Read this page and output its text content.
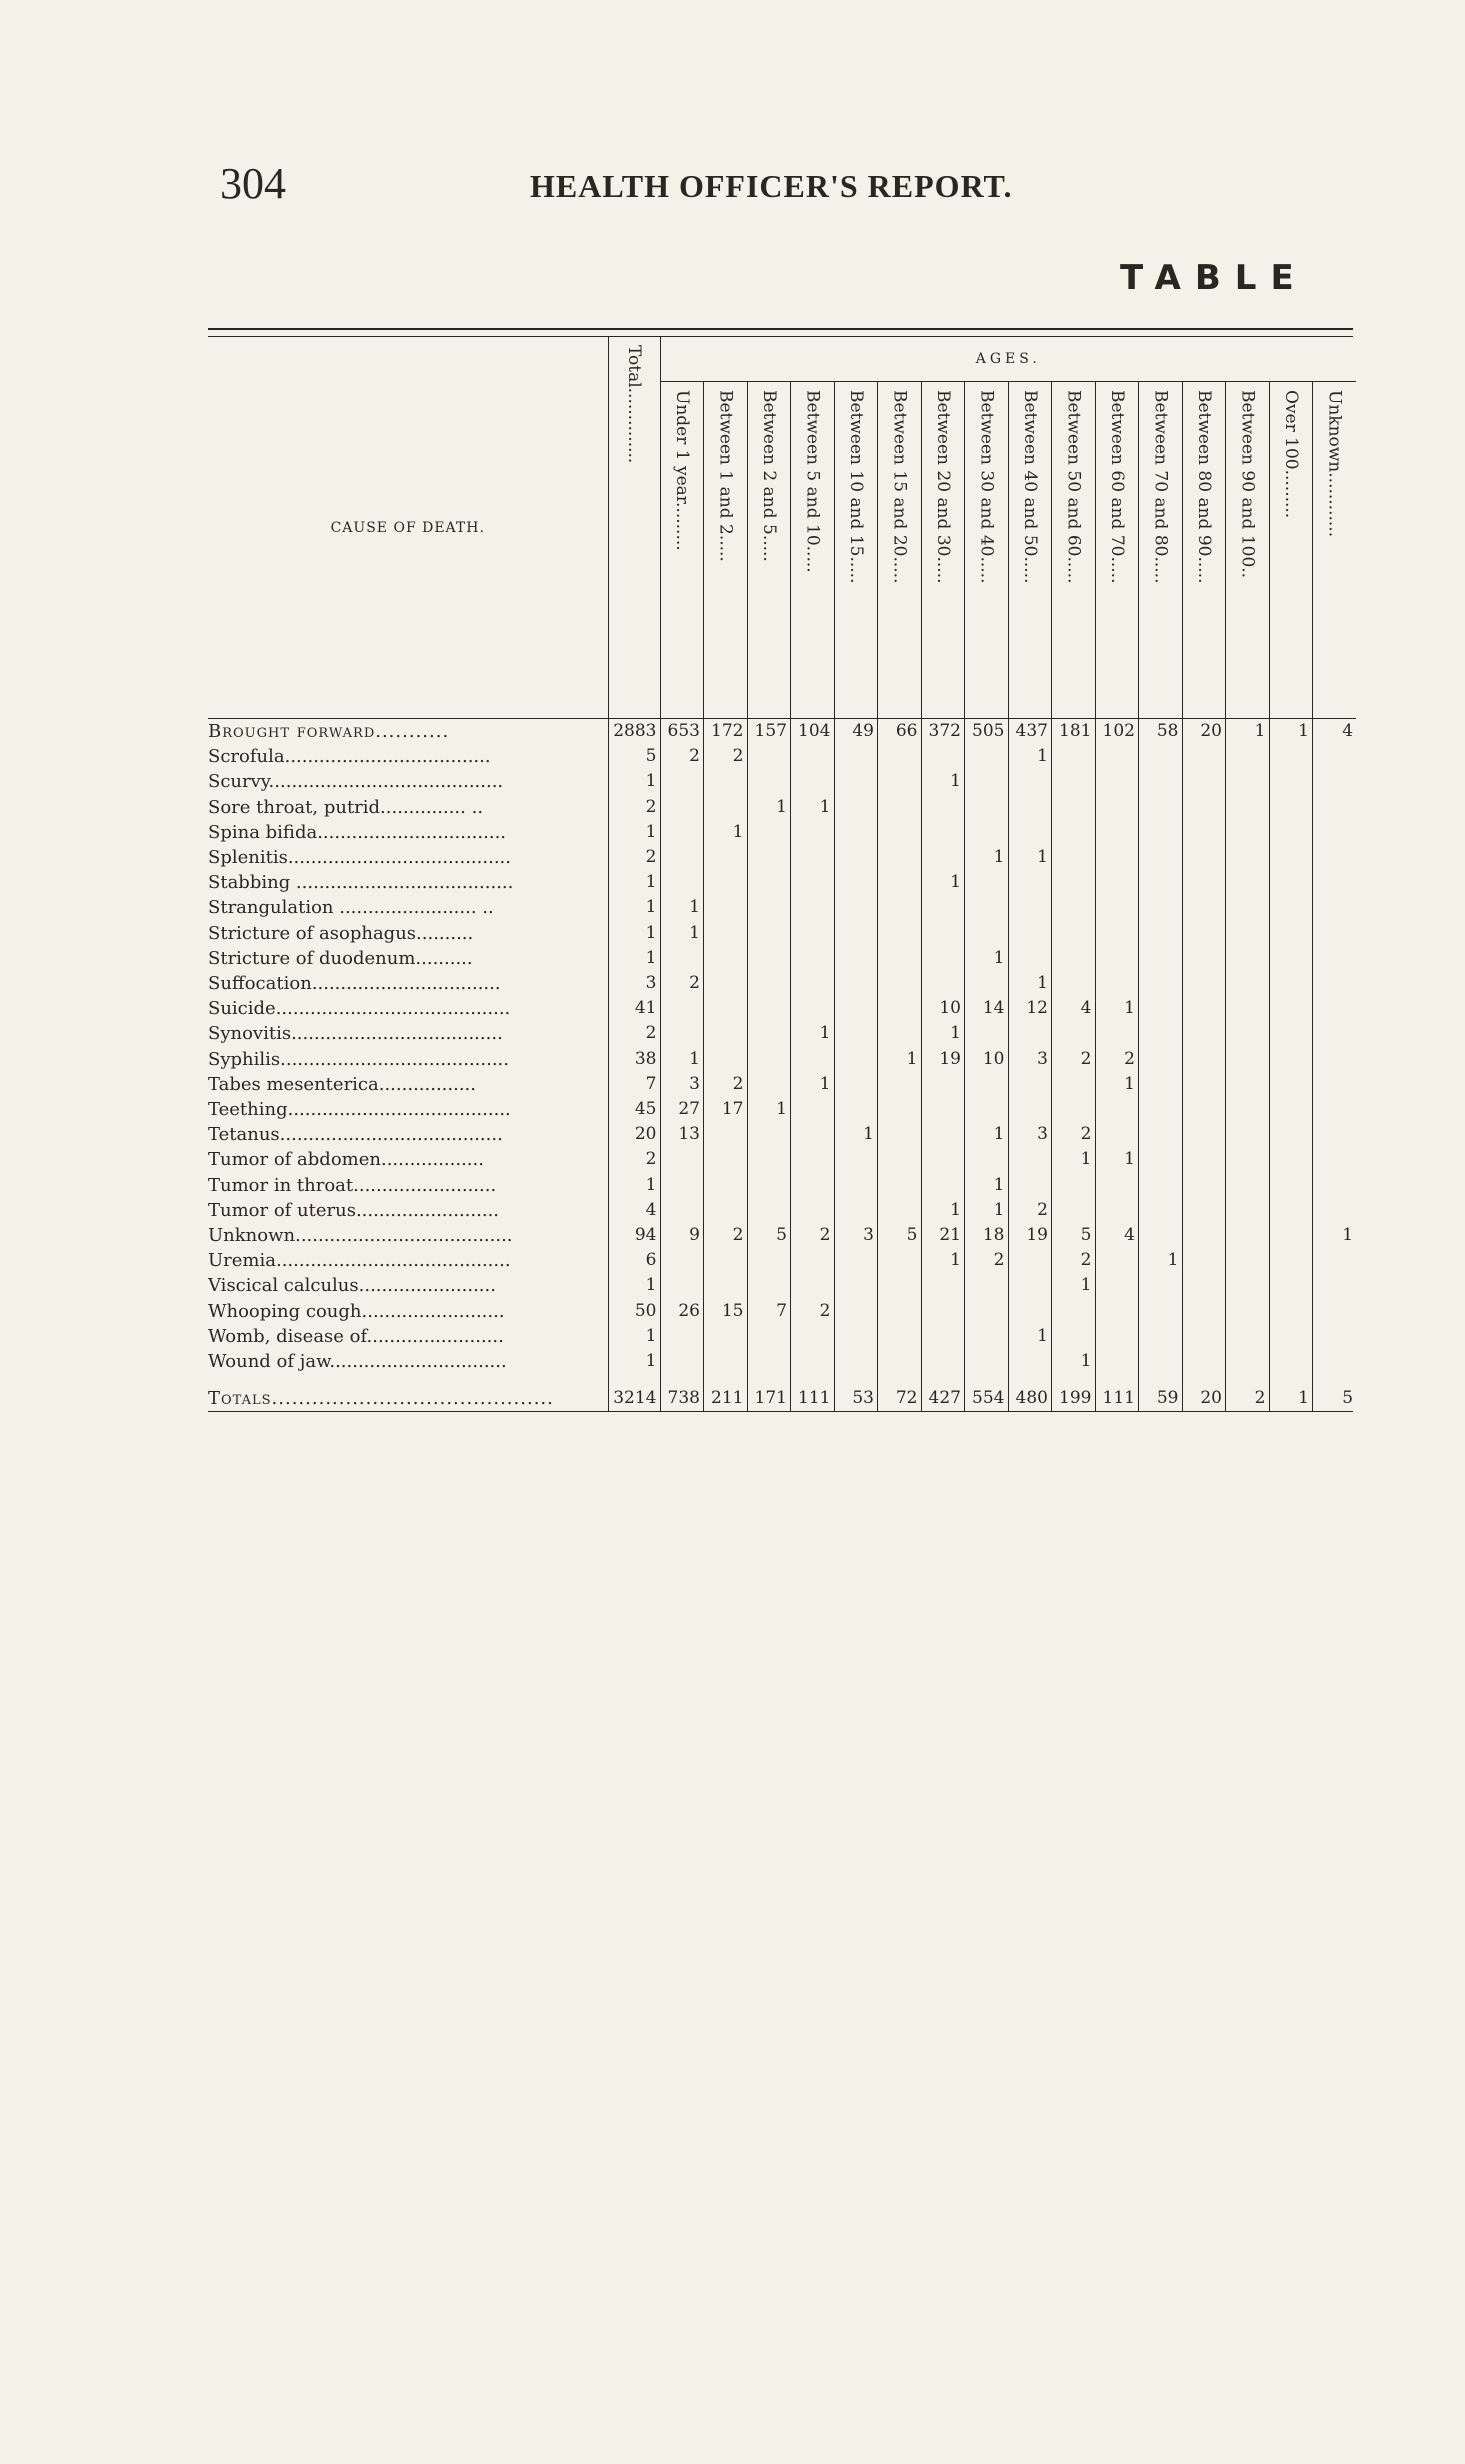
304	HEALTH OFFICER'S REPORT.
TABLE
CAUSE OF DEATH.	Total..............	AGES.															

		Under 1 year.........	Between 1 and 2.....	Between 2 and 5.....	Between 5 and 10.....	Between 10 and 15.....	Between 15 and 20.....	Between 20 and 30.....	Between 30 and 40.....	Between 40 and 50.....	Between 50 and 60.....	Between 60 and 70.....	Between 70 and 80.....	Between 80 and 90.....	Between 90 and 100..	Over 100.........	Unknown............

Brought forward...........	2883	653	172	157	104	49	66	372	505	437	181	102	58	20	1	1	4
Scrofula....................................	5	2	2							1							
Scurvy.........................................	1							1									
Sore throat, putrid............... ..	2			1	1												
Spina bifida.................................	1		1														
Splenitis.......................................	2								1	1							
Stabbing ......................................	1							1									
Strangulation ........................ ..	1	1															
Stricture of asophagus..........	1	1															
Stricture of duodenum..........	1								1								
Suffocation.................................	3	2								1							
Suicide.........................................	41							10	14	12	4	1					
Synovitis.....................................	2				1			1									
Syphilis........................................	38	1					1	19	10	3	2	2					
Tabes mesenterica.................	7	3	2		1							1					
Teething.......................................	45	27	17	1													
Tetanus.......................................	20	13				1			1	3	2						
Tumor of abdomen..................	2										1	1					
Tumor in throat.........................	1								1								
Tumor of uterus.........................	4							1	1	2							
Unknown......................................	94	9	2	5	2	3	5	21	18	19	5	4					1
Uremia.........................................	6							1	2		2		1				
Viscical calculus........................	1										1						
Whooping cough.........................	50	26	15	7	2												
Womb, disease of........................	1									1							
Wound of jaw...............................	1										1						

Totals..........................................	3214	738	211	171	111	53	72	427	554	480	199	111	59	20	2	1	5
